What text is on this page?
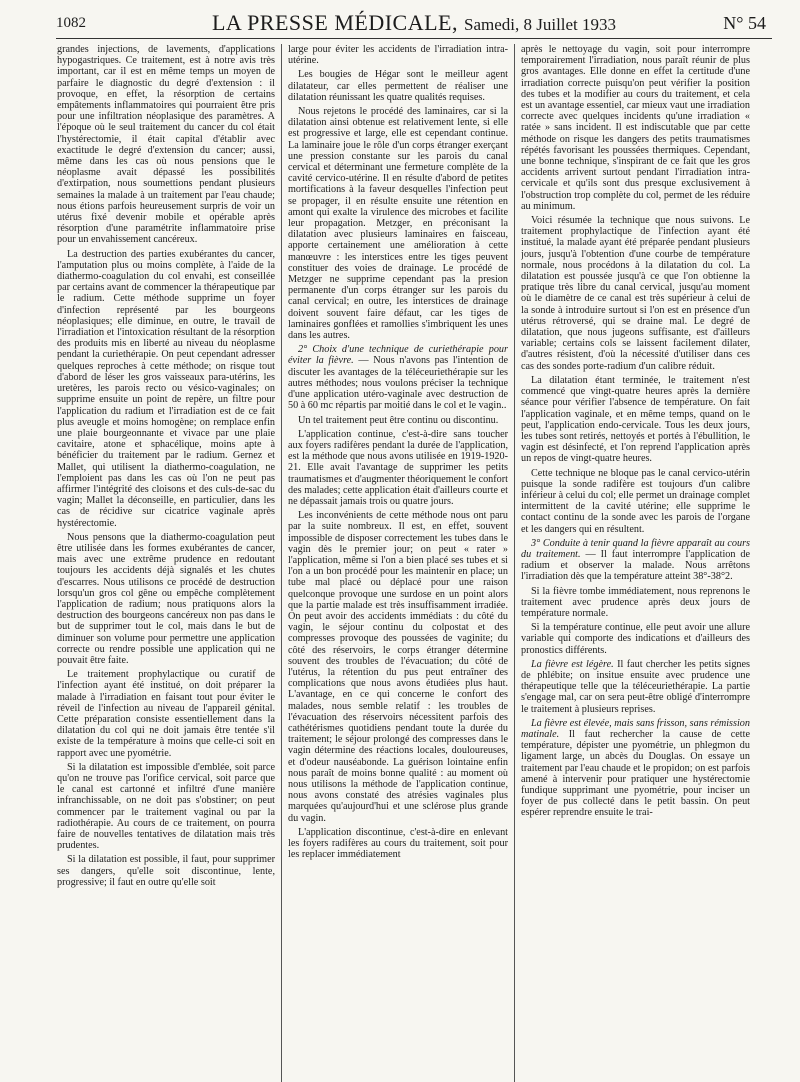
1082	LA PRESSE MÉDICALE, Samedi, 8 Juillet 1933	N° 54

grandes injections, de lavements, d'applications hypogastriques. Ce traitement, est à notre avis très important, car il est en même temps un moyen de parfaire le diagnostic du degré d'extension : il provoque, en effet, la résorption de certains empâtements inflammatoires qui pourraient être pris pour une infiltration néoplasique des paramètres. A l'époque où le seul traitement du cancer du col était l'hystérectomie, il était capital d'établir avec exactitude le degré d'extension du cancer; aussi, même dans les cas où nous pensions que le néoplasme avait dépassé les possibilités d'extirpation, nous soumettions pendant plusieurs semaines la malade à un traitement par l'eau chaude; nous étions parfois heureusement surpris de voir un utérus fixé devenir mobile et opérable après résorption d'une paramétrite inflammatoire prise pour un envahissement cancéreux.

La destruction des parties exubérantes du cancer, l'amputation plus ou moins complète, à l'aide de la diathermo-coagulation du col envahi, est conseillée par certains avant de commencer la thérapeutique par le radium. Cette méthode supprime un foyer d'infection représenté par les bourgeons néoplasiques; elle diminue, en outre, le travail de l'irradiation et l'intoxication résultant de la résorption des produits mis en liberté au niveau du néoplasme pendant la curiethérapie. On peut cependant adresser quelques reproches à cette méthode; on risque tout d'abord de léser les gros vaisseaux para-utérins, les uretères, les parois recto ou vésico-vaginales; on supprime ensuite un point de repère, un filtre pour l'application du radium et l'irradiation est de ce fait plus aveugle et moins homogène; on remplace enfin une plaie bourgeonnante et vivace par une plaie cavitaire, atone et sphacélique, moins apte à bénéficier du traitement par le radium. Gernez et Mallet, qui utilisent la diathermo-coagulation, ne l'emploient pas dans les cas où l'on ne peut pas affirmer l'intégrité des cloisons et des culs-de-sac du vagin; Mallet la déconseille, en particulier, dans les cas de récidive sur cicatrice vaginale après hystérectomie.

Nous pensons que la diathermo-coagulation peut être utilisée dans les formes exubérantes de cancer, mais avec une extrême prudence en redoutant toujours les accidents déjà signalés et les chutes d'escarres. Nous utilisons ce procédé de destruction lorsqu'un gros col gêne ou empêche complètement l'application de radium; nous pratiquons alors la destruction des bourgeons cancéreux non pas dans le but de supprimer tout le col, mais dans le but de diminuer son volume pour permettre une application correcte ou rendre possible une application qui ne pouvait être faite.

Le traitement prophylactique ou curatif de l'infection ayant été institué, on doit préparer la malade à l'irradiation en faisant tout pour éviter le réveil de l'infection au niveau de l'appareil génital. Cette préparation consiste essentiellement dans la dilatation du col qui ne doit jamais être tentée s'il existe de la température à moins que celle-ci soit en rapport avec une pyométrie.

Si la dilatation est impossible d'emblée, soit parce qu'on ne trouve pas l'orifice cervical, soit parce que le canal est cartonné et infiltré d'une manière infranchissable, on ne doit pas s'obstiner; on peut commencer par le traitement vaginal ou par la radiothérapie. Au cours de ce traitement, on pourra faire de nouvelles tentatives de dilatation mais très prudentes.

Si la dilatation est possible, il faut, pour supprimer ses dangers, qu'elle soit discontinue, lente, progressive; il faut en outre qu'elle soit

large pour éviter les accidents de l'irradiation intra-utérine.

Les bougies de Hégar sont le meilleur agent dilatateur, car elles permettent de réaliser une dilatation réunissant les quatre qualités requises.

Nous rejetons le procédé des laminaires, car si la dilatation ainsi obtenue est relativement lente, si elle est progressive et large, elle est cependant continue. La laminaire joue le rôle d'un corps étranger exerçant une pression constante sur les parois du canal cervical et déterminant une fermeture complète de la cavité cervico-utérine. Il en résulte d'abord de petites mortifications à la faveur desquelles l'infection peut se propager, il en résulte ensuite une rétention en amont qui exalte la virulence des microbes et facilite leur propagation. Metzger, en préconisant la dilatation avec plusieurs laminaires en faisceau, apporte certainement une amélioration à cette manœuvre : les interstices entre les tiges peuvent constituer des voies de drainage. Le procédé de Metzger ne supprime cependant pas la presion permanente d'un corps étranger sur les parois du canal cervical; en outre, les interstices de drainage doivent souvent faire défaut, car les tiges de laminaires gonflées et ramollies s'imbriquent les unes dans les autres.

2° Choix d'une technique de curiethérapie pour éviter la fièvre. — Nous n'avons pas l'intention de discuter les avantages de la téléceuriethérapie sur les autres méthodes; nous voulons préciser la technique d'une application utéro-vaginale avec destruction de 50 à 60 mc répartis par moitié dans le col et le vagin..

Un tel traitement peut être continu ou discontinu.

L'application continue, c'est-à-dire sans toucher aux foyers radifères pendant la durée de l'application, est la méthode que nous avons utilisée en 1919-1920-21. Elle avait l'avantage de supprimer les petits traumatismes et d'augmenter théoriquement le confort des malades; cette application était d'ailleurs courte et ne dépassait jamais trois ou quatre jours.

Les inconvénients de cette méthode nous ont paru par la suite nombreux. Il est, en effet, souvent impossible de disposer correctement les tubes dans le vagin dès le premier jour; on peut « rater » l'application, même si l'on a bien placé ses tubes et si l'on a un bon procédé pour les maintenir en place; un tube mal placé ou déplacé pour une raison quelconque provoque une surdose en un point alors que la partie malade est très insuffisamment irradiée. On peut avoir des accidents immédiats : du côté du vagin, le séjour continu du colpostat et des compresses provoque des poussées de vaginite; du côté des réservoirs, le corps étranger détermine souvent des troubles de l'évacuation; du côté de l'utérus, la rétention du pus peut entraîner des complications que nous avons étudiées plus haut. L'avantage, en ce qui concerne le confort des malades, nous semble relatif : les troubles de l'évacuation des réservoirs nécessitent parfois des cathétérismes quotidiens pendant toute la durée du traitement; le séjour prolongé des compresses dans le vagin détermine des réactions locales, douloureuses, et d'odeur nauséabonde. La guérison lointaine enfin nous paraît de moins bonne qualité : au moment où nous utilisons la méthode de l'application continue, nous avons constaté des atrésies vaginales plus marquées qu'aujourd'hui et une sclérose plus grande du vagin.

L'application discontinue, c'est-à-dire en enlevant les foyers radifères au cours du traitement, soit pour les replacer immédiatement

après le nettoyage du vagin, soit pour interrompre temporairement l'irradiation, nous paraît réunir de plus gros avantages. Elle donne en effet la certitude d'une irradiation correcte puisqu'on peut vérifier la position des tubes et la modifier au cours du traitement, et cela est un avantage essentiel, car mieux vaut une irradiation correcte avec quelques incidents qu'une irradiation « ratée » sans incident. Il est indiscutable que par cette méthode on risque les dangers des petits traumatismes répétés favorisant les poussées thermiques. Cependant, une bonne technique, s'inspirant de ce fait que les gros accidents arrivent surtout pendant l'irradiation intra-cervicale et qu'ils sont dus presque exclusivement à l'obstruction trop complète du col, permet de les réduire au minimum.

Voici résumée la technique que nous suivons. Le traitement prophylactique de l'infection ayant été institué, la malade ayant été préparée pendant plusieurs jours, jusqu'à l'obtention d'une courbe de température normale, nous procédons à la dilatation du col. La dilatation est poussée jusqu'à ce que l'on obtienne la pratique très libre du canal cervical, jusqu'au moment où le diamètre de ce canal est très supérieur à celui de la sonde à introduire surtout si l'on est en présence d'un utérus rétroversé, qui se draine mal. Le degré de dilatation, que nous jugeons suffisante, est d'ailleurs variable; certains cols se laissent facilement dilater, d'autres résistent, d'où la nécessité d'utiliser dans ces cas des sondes porte-radium d'un calibre réduit.

La dilatation étant terminée, le traitement n'est commencé que vingt-quatre heures après la dernière séance pour vérifier l'absence de température. On fait l'application vaginale, et en même temps, quand on le peut, l'application endo-cervicale. Tous les deux jours, les tubes sont retirés, nettoyés et portés à l'ébullition, le vagin est désinfecté, et l'on reprend l'application après un repos de vingt-quatre heures.

Cette technique ne bloque pas le canal cervico-utérin puisque la sonde radifère est toujours d'un calibre inférieur à celui du col; elle permet un drainage complet intermittent de la cavité utérine; elle supprime le contact continu de la sonde avec les parois de l'organe et les dangers qui en résultent.

3° Conduite à tenir quand la fièvre apparaît au cours du traitement. — Il faut interrompre l'application de radium et observer la malade. Nous arrêtons l'irradiation dès que la température atteint 38°-38°2.

Si la fièvre tombe immédiatement, nous reprenons le traitement avec prudence après deux jours de température normale.

Si la température continue, elle peut avoir une allure variable qui comporte des indications et d'ailleurs des pronostics différents.

La fièvre est légère. Il faut chercher les petits signes de phlébite; on insitue ensuite avec prudence une thérapeutique telle que la téléceuriethérapie. La partie s'engage mal, car on sera peut-être obligé d'interrompre le traitement à plusieurs reprises.

La fièvre est élevée, mais sans frisson, sans rémission matinale. Il faut rechercher la cause de cette température, dépister une pyométrie, un phlegmon du ligament large, un abcès du Douglas. On essaye un traitement par l'eau chaude et le propidon; on est parfois amené à intervenir pour pratiquer une hystérectomie fundique supprimant une pyométrie, pour inciser un foyer de pus collecté dans le petit bassin. On peut espérer reprendre ensuite le trai-
